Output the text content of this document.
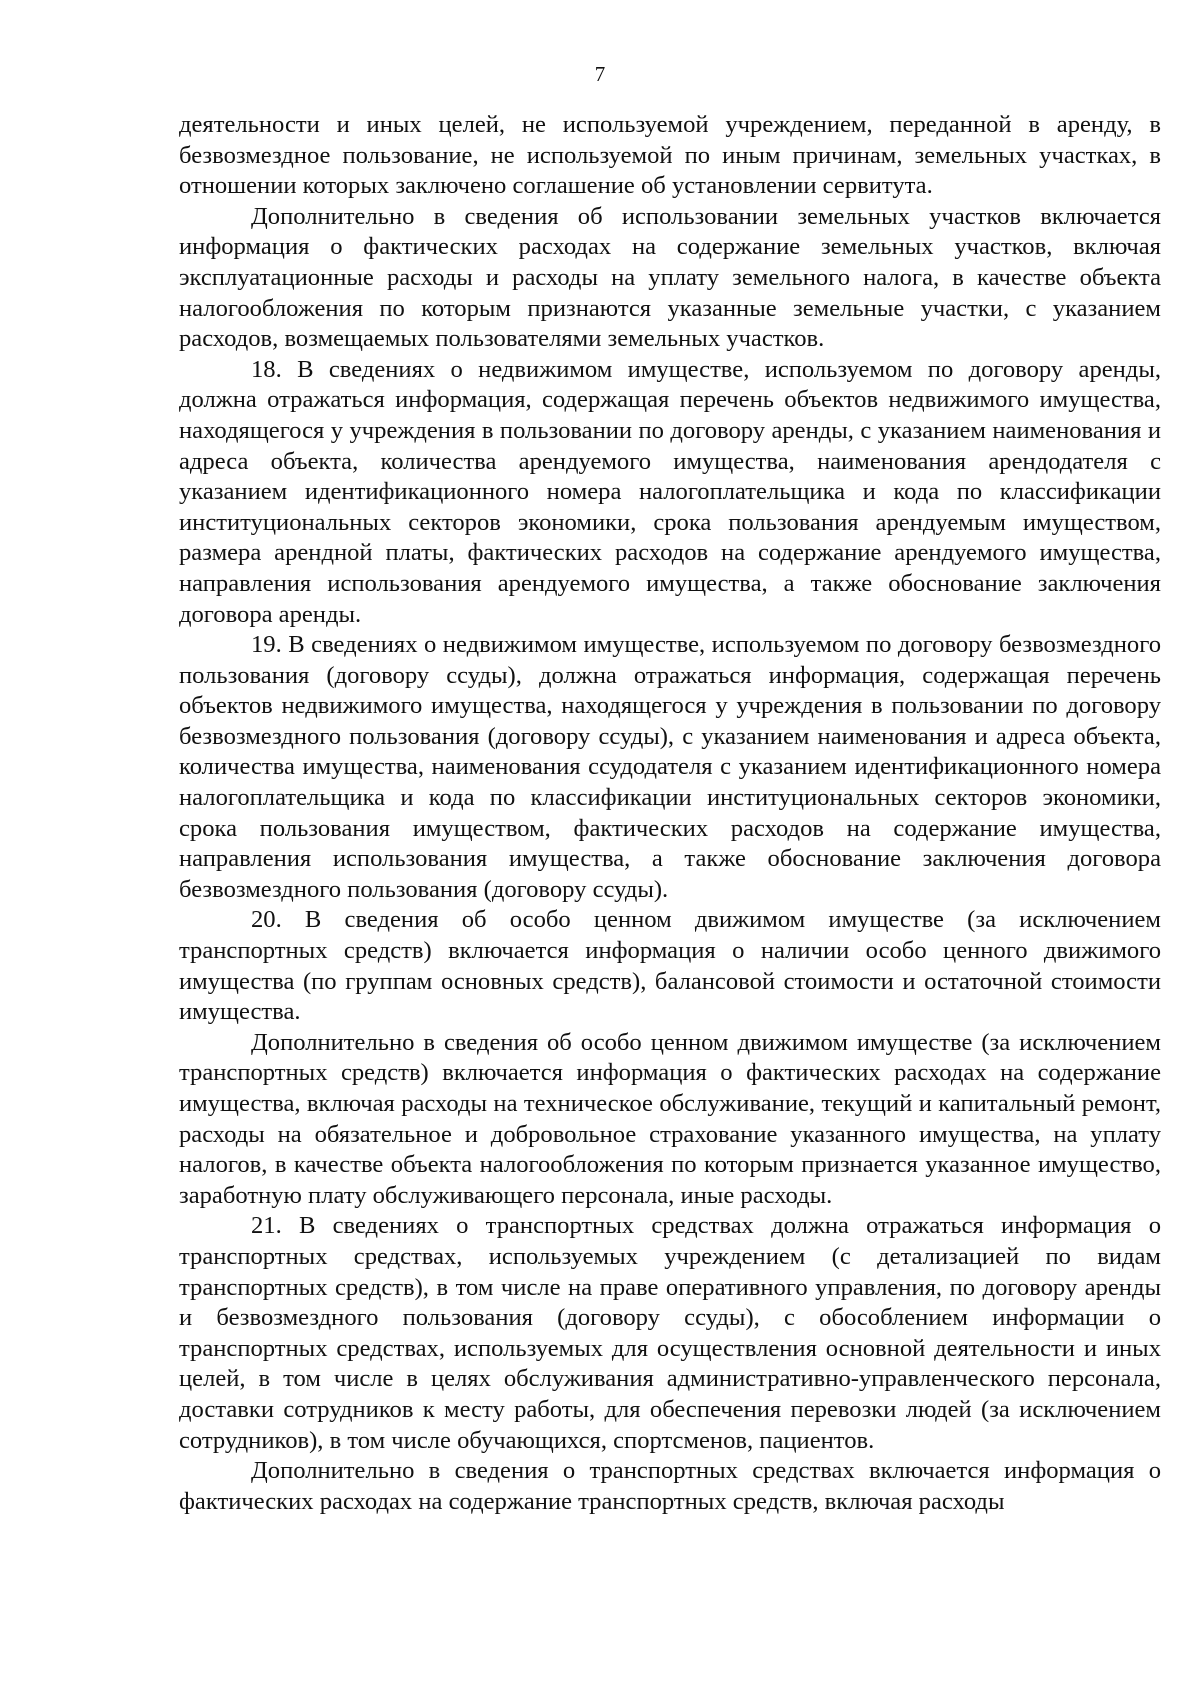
7

деятельности и иных целей, не используемой учреждением, переданной в аренду, в безвозмездное пользование, не используемой по иным причинам, земельных участках, в отношении которых заключено соглашение об установлении сервитута.

Дополнительно в сведения об использовании земельных участков включается информация о фактических расходах на содержание земельных участков, включая эксплуатационные расходы и расходы на уплату земельного налога, в качестве объекта налогообложения по которым признаются указанные земельные участки, с указанием расходов, возмещаемых пользователями земельных участков.

18. В сведениях о недвижимом имуществе, используемом по договору аренды, должна отражаться информация, содержащая перечень объектов недвижимого имущества, находящегося у учреждения в пользовании по договору аренды, с указанием наименования и адреса объекта, количества арендуемого имущества, наименования арендодателя с указанием идентификационного номера налогоплательщика и кода по классификации институциональных секторов экономики, срока пользования арендуемым имуществом, размера арендной платы, фактических расходов на содержание арендуемого имущества, направления использования арендуемого имущества, а также обоснование заключения договора аренды.

19. В сведениях о недвижимом имуществе, используемом по договору безвозмездного пользования (договору ссуды), должна отражаться информация, содержащая перечень объектов недвижимого имущества, находящегося у учреждения в пользовании по договору безвозмездного пользования (договору ссуды), с указанием наименования и адреса объекта, количества имущества, наименования ссудодателя с указанием идентификационного номера налогоплательщика и кода по классификации институциональных секторов экономики, срока пользования имуществом, фактических расходов на содержание имущества, направления использования имущества, а также обоснование заключения договора безвозмездного пользования (договору ссуды).

20. В сведения об особо ценном движимом имуществе (за исключением транспортных средств) включается информация о наличии особо ценного движимого имущества (по группам основных средств), балансовой стоимости и остаточной стоимости имущества.

Дополнительно в сведения об особо ценном движимом имуществе (за исключением транспортных средств) включается информация о фактических расходах на содержание имущества, включая расходы на техническое обслуживание, текущий и капитальный ремонт, расходы на обязательное и добровольное страхование указанного имущества, на уплату налогов, в качестве объекта налогообложения по которым признается указанное имущество, заработную плату обслуживающего персонала, иные расходы.

21. В сведениях о транспортных средствах должна отражаться информация о транспортных средствах, используемых учреждением (с детализацией по видам транспортных средств), в том числе на праве оперативного управления, по договору аренды и безвозмездного пользования (договору ссуды), с обособлением информации о транспортных средствах, используемых для осуществления основной деятельности и иных целей, в том числе в целях обслуживания административно-управленческого персонала, доставки сотрудников к месту работы, для обеспечения перевозки людей (за исключением сотрудников), в том числе обучающихся, спортсменов, пациентов.

Дополнительно в сведения о транспортных средствах включается информация о фактических расходах на содержание транспортных средств, включая расходы
